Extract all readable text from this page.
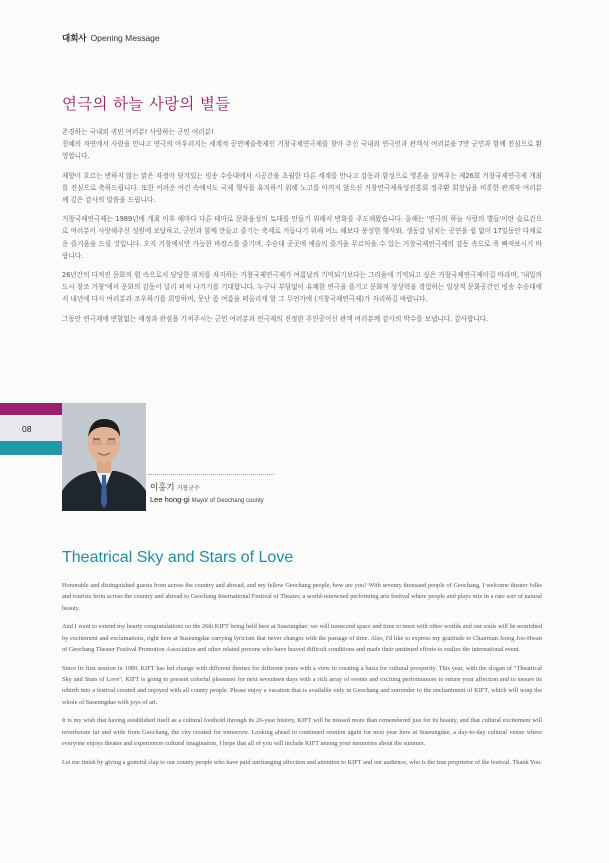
대회사 Opening Message
연극의 하늘 사랑의 별들

존경하는 국내외 귀빈 여러분! 사랑하는 군민 여러분!

천혜의 자연에서 사람을 만나고 연극의 아우러지는 세계적 공연예술축제인 거창국제연극제를 찾아 주신 국내외 연극인과 관객석 여러분을 7만 군민과 함께 진심으로 환영합니다.

제향이 흐르는 변하지 않는 맑은 자정이 담겨있는 빙송 수승대에서 시공간을 초월한 다른 세계를 만나고 감동과 함성으로 영혼을 살찌우는 제26회 거창국제연극제 개최를 진심으로 축하드립니다. 또한 어려운 여건 속에서도 국제 행사를 유지하기 위해 노고를 아끼지 않으신 거창연극제육성진흥회 정주환 회장님을 비롯한 관계자 여러분께 깊은 감사의 말씀을 드립니다.

거창국제연극제는 1989년에 개최 이후 해마다 다른 테마로 문화융성의 토대를 만들기 위해서 변화를 주도해왔습니다. 올해는 '연극의 하늘 사랑의 별들'이란 슬로건으로 여러분이 사랑해주신 성원에 보답하고, 군민과 함께 만들고 즐기는 축제로 거듭나기 위해 어느 해보다 풍성한 행사와, 생동감 넘치는 공연을 쉼 없이 17일동안 다채로운 즐거움을 드릴 것입니다. 오직 거창에서만 가능한 바캉스를 즐기며, 수승대 곳곳에 예술의 즐거움 무르익을 수 있는 거창국제연극제의 감동 속으로 푹 빠져보시기 바랍니다.

26년간의 다져진 문화의 힘 속으로서 당당한 위치를 차지하는 거창국제연극제가 여름날의 기억되기보다는 그리움에 기억되고 싶은 거창국제연극제이길 바라며, '내일의 도시 창조 거창'에서 문화의 감동이 널리 퍼져 나가기를 기대합니다. 누구나 부담없이 유쾌한 연극을 즐기고 문화적 상상력을 경험하는 일상적 문화공간인 빙송 수승대에서 내년에 다시 여러분과 조우하기를 희망하며, 못난 좀 여름을 떠올리게 할 그 무언가에 (거창국제연극제)가 자리하길 바랍니다.

그동안 연극제에 변함없는 애정과 관심을 가져주시는 군민 여러분과 연극제의 진정한 주인공이신 관객 여러분께 감사의 박수를 보냅니다. 감사합니다.

08
이홍기 거창군수
Lee hong-gi Mayor of Geochang county
Theatrical Sky and Stars of Love

Honorable and distinguished guests from across the country and abroad, and my fellow Geochang people, how are you? With seventy thousand people of Geochang, I welcome theater folks and tourists from across the country and abroad to Geochang International Festival of Theater, a world-renowned performing arts festival where people and plays mix in a rare sort of natural beauty.

And I want to extend my hearty congratulations on the 26th KIFT being held here at Suseungdae: we will transcend space and time to meet with other worlds and our souls will be nourished by excitement and exclamations, right here at Suseungdae carrying lyricism that never changes with the passage of time. Also, I'd like to express my gratitude to Chairman Jeong Joo-Hwan of Geochang Theater Festival Promotion Association and other related persons who have braved difficult conditions and made their unstinted efforts to realize the international event.

Since its first session in 1989, KIFT has led change with different themes for different years with a view to creating a basis for cultural prosperity. This year, with the slogan of "Theatrical Sky and Stars of Love", KIFT is going to present colorful pleasures for next seventeen days with a rich array of events and exciting performances to return your affection and to ensure its rebirth into a festival created and enjoyed with all county people. Please enjoy a vacation that is available only in Geochang and surrender to the enchantment of KIFT, which will wrap the whole of Suseungdae with joys of art.

It is my wish that having established itself as a cultural foothold through its 26-year history, KIFT will be missed more than remembered just for its beauty, and that cultural excitement will reverberate far and wide from Geochang, the city created for tomorrow. Looking ahead to continued reunion again for next year here at Suseungdae, a day-to-day cultural venue where everyone enjoys theater and experiences cultural imagination, I hope that all of you will include KIFT among your memories about the summer.

Let me finish by giving a grateful clap to our county people who have paid unchanging affection and attention to KIFT and our audience, who is the true proprietor of the festival. Thank You.
